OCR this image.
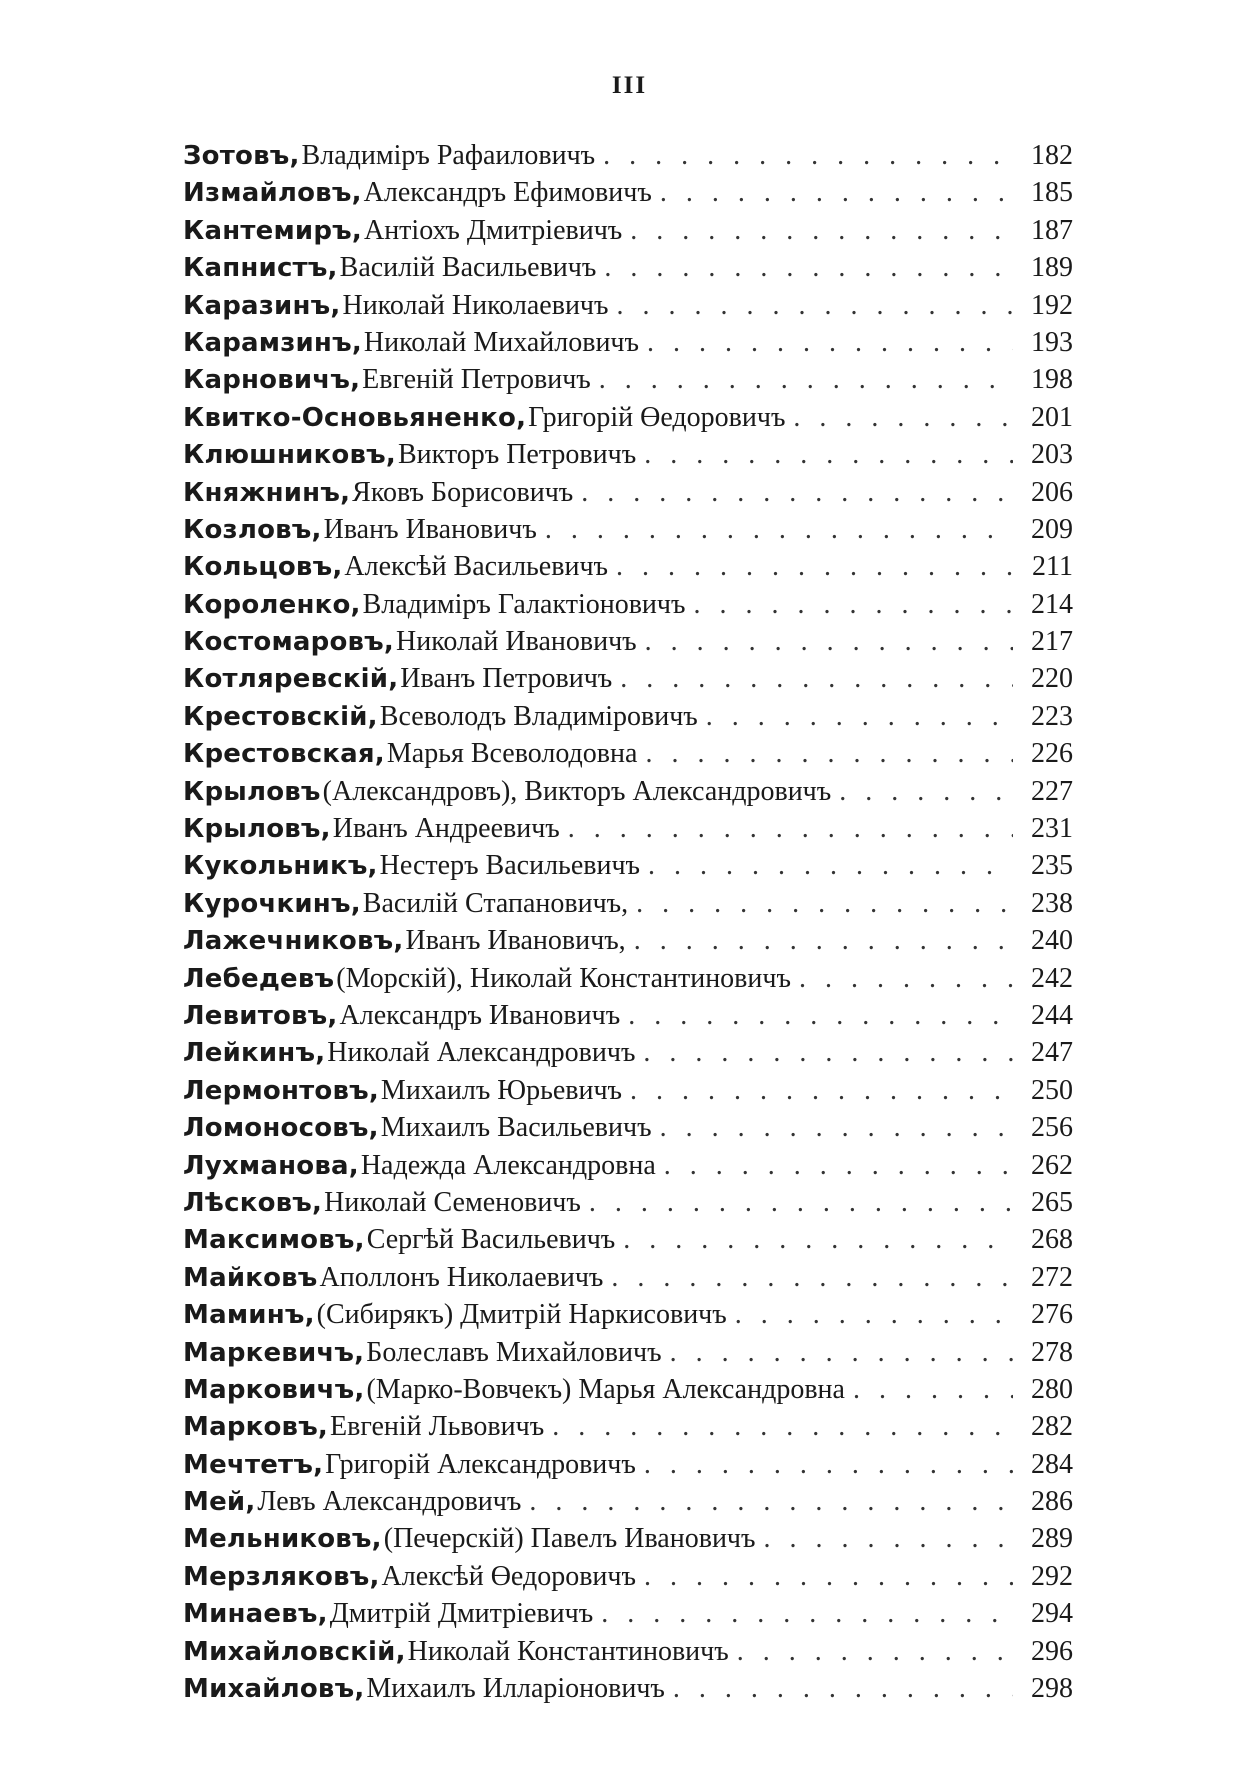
III
Зотовъ, Владиміръ Рафаиловичъ . . .	182
Измайловъ, Александръ Ефимовичъ . . .	185
Кантемиръ, Антіохъ Дмитріевичъ . . .	187
Капнистъ, Василій Васильевичъ . . .	189
Каразинъ, Николай Николаевичъ . . .	192
Карамзинъ, Николай Михайловичъ . . .	193
Карновичъ, Евгеній Петровичъ . . .	198
Квитко-Основьяненко, Григорій Өедоровичъ . . .	201
Клюшниковъ, Викторъ Петровичъ . . .	203
Княжнинъ, Яковъ Борисовичъ . . .	206
Козловъ, Иванъ Ивановичъ . . .	209
Кольцовъ, Алексѣй Васильевичъ . . .	211
Короленко, Владиміръ Галактіоновичъ . . .	214
Костомаровъ, Николай Ивановичъ . . .	217
Котляревскій, Иванъ Петровичъ . . .	220
Крестовскій, Всеволодъ Владиміровичъ . . .	223
Крестовская, Марья Всеволодовна . . .	226
Крыловъ (Александровъ), Викторъ Александровичъ . . .	227
Крыловъ, Иванъ Андреевичъ . . .	231
Кукольникъ, Нестеръ Васильевичъ . . .	235
Курочкинъ, Василій Стапановичъ, . . .	238
Лажечниковъ, Иванъ Ивановичъ, . . .	240
Лебедевъ (Морскій), Николай Константиновичъ . . .	242
Левитовъ, Александръ Ивановичъ . . .	244
Лейкинъ, Николай Александровичъ . . .	247
Лермонтовъ, Михаилъ Юрьевичъ . . .	250
Ломоносовъ, Михаилъ Васильевичъ . . .	256
Лухманова, Надежда Александровна . . .	262
Лѣсковъ, Николай Семеновичъ . . .	265
Максимовъ, Сергѣй Васильевичъ . . .	268
Майковъ Аполлонъ Николаевичъ . . .	272
Маминъ, (Сибирякъ) Дмитрій Наркисовичъ . . .	276
Маркевичъ, Болеславъ Михайловичъ . . .	278
Марковичъ, (Марко-Вовчекъ) Марья Александровна . . .	280
Марковъ, Евгеній Львовичъ . . .	282
Мечтетъ, Григорій Александровичъ . . .	284
Мей, Левъ Александровичъ . . .	286
Мельниковъ, (Печерскій) Павелъ Ивановичъ . . .	289
Мерзляковъ, Алексѣй Өедоровичъ . . .	292
Минаевъ, Дмитрій Дмитріевичъ . . .	294
Михайловскій, Николай Константиновичъ . . .	296
Михайловъ, Михаилъ Илларіоновичъ . . .	298
